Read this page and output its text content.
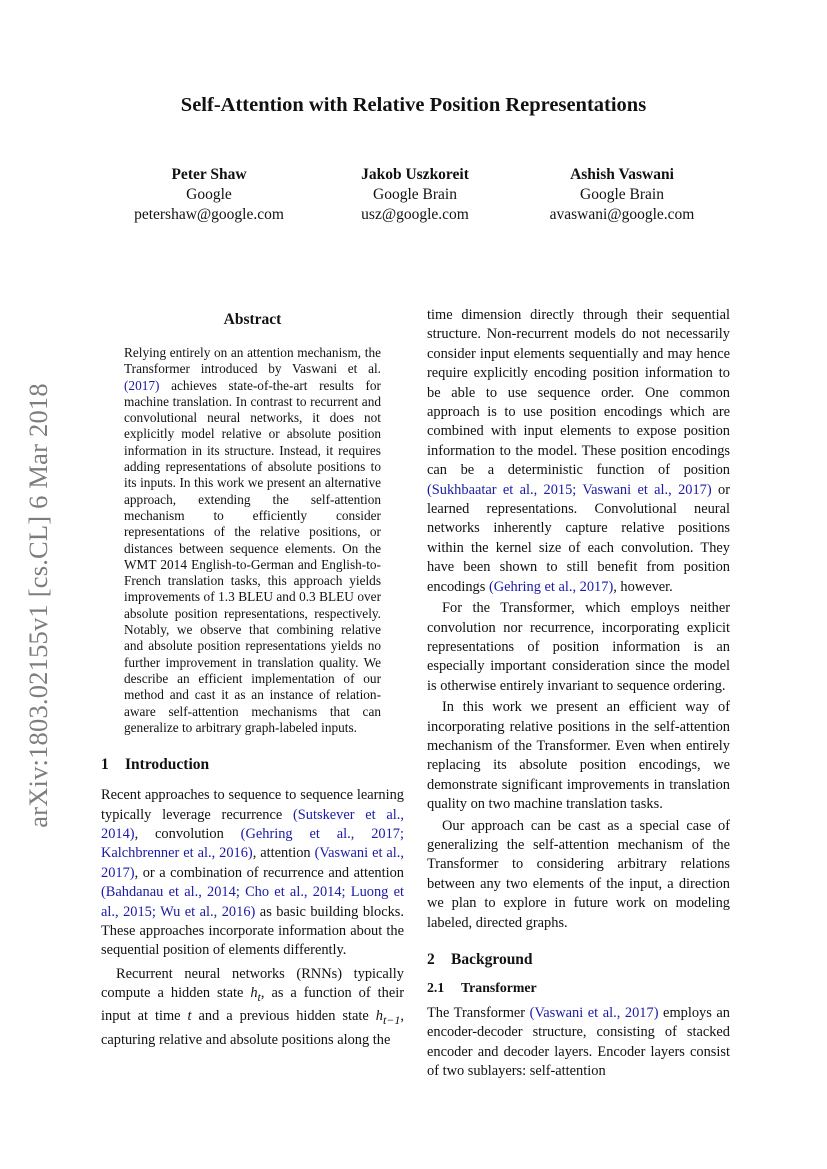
arXiv:1803.02155v1 [cs.CL] 6 Mar 2018
Self-Attention with Relative Position Representations
Peter Shaw
Google
petershaw@google.com
Jakob Uszkoreit
Google Brain
usz@google.com
Ashish Vaswani
Google Brain
avaswani@google.com
Abstract

Relying entirely on an attention mechanism, the Transformer introduced by Vaswani et al. (2017) achieves state-of-the-art results for machine translation. In contrast to recurrent and convolutional neural networks, it does not explicitly model relative or absolute position information in its structure. Instead, it requires adding representations of absolute positions to its inputs. In this work we present an alternative approach, extending the self-attention mechanism to efficiently consider representations of the relative positions, or distances between sequence elements. On the WMT 2014 English-to-German and English-to-French translation tasks, this approach yields improvements of 1.3 BLEU and 0.3 BLEU over absolute position representations, respectively. Notably, we observe that combining relative and absolute position representations yields no further improvement in translation quality. We describe an efficient implementation of our method and cast it as an instance of relation-aware self-attention mechanisms that can generalize to arbitrary graph-labeled inputs.

1 Introduction

Recent approaches to sequence to sequence learning typically leverage recurrence (Sutskever et al., 2014), convolution (Gehring et al., 2017; Kalchbrenner et al., 2016), attention (Vaswani et al., 2017), or a combination of recurrence and attention (Bahdanau et al., 2014; Cho et al., 2014; Luong et al., 2015; Wu et al., 2016) as basic building blocks. These approaches incorporate information about the sequential position of elements differently.

Recurrent neural networks (RNNs) typically compute a hidden state $h_t$, as a function of their input at time t and a previous hidden state $h_{t-1}$, capturing relative and absolute positions along the

time dimension directly through their sequential structure. Non-recurrent models do not necessarily consider input elements sequentially and may hence require explicitly encoding position information to be able to use sequence order. One common approach is to use position encodings which are combined with input elements to expose position information to the model. These position encodings can be a deterministic function of position (Sukhbaatar et al., 2015; Vaswani et al., 2017) or learned representations. Convolutional neural networks inherently capture relative positions within the kernel size of each convolution. They have been shown to still benefit from position encodings (Gehring et al., 2017), however.

For the Transformer, which employs neither convolution nor recurrence, incorporating explicit representations of position information is an especially important consideration since the model is otherwise entirely invariant to sequence ordering.

In this work we present an efficient way of incorporating relative positions in the self-attention mechanism of the Transformer. Even when entirely replacing its absolute position encodings, we demonstrate significant improvements in translation quality on two machine translation tasks.

Our approach can be cast as a special case of generalizing the self-attention mechanism of the Transformer to considering arbitrary relations between any two elements of the input, a direction we plan to explore in future work on modeling labeled, directed graphs.

2 Background
2.1 Transformer

The Transformer (Vaswani et al., 2017) employs an encoder-decoder structure, consisting of stacked encoder and decoder layers. Encoder layers consist of two sublayers: self-attention
